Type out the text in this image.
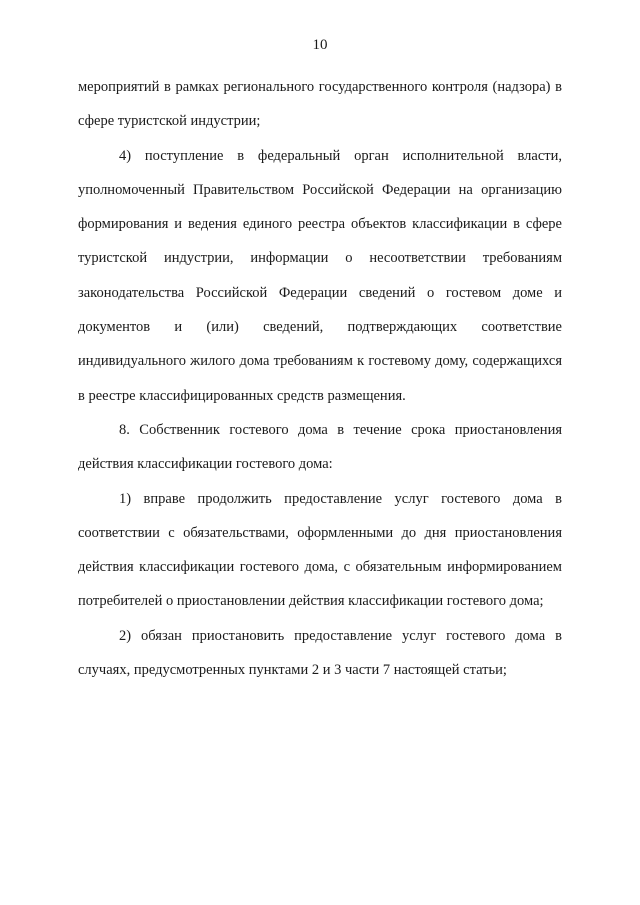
10

мероприятий в рамках регионального государственного контроля (надзора) в сфере туристской индустрии;

4) поступление в федеральный орган исполнительной власти, уполномоченный Правительством Российской Федерации на организацию формирования и ведения единого реестра объектов классификации в сфере туристской индустрии, информации о несоответствии требованиям законодательства Российской Федерации сведений о гостевом доме и документов и (или) сведений, подтверждающих соответствие индивидуального жилого дома требованиям к гостевому дому, содержащихся в реестре классифицированных средств размещения.

8. Собственник гостевого дома в течение срока приостановления действия классификации гостевого дома:

1) вправе продолжить предоставление услуг гостевого дома в соответствии с обязательствами, оформленными до дня приостановления действия классификации гостевого дома, с обязательным информированием потребителей о приостановлении действия классификации гостевого дома;

2) обязан приостановить предоставление услуг гостевого дома в случаях, предусмотренных пунктами 2 и 3 части 7 настоящей статьи;
